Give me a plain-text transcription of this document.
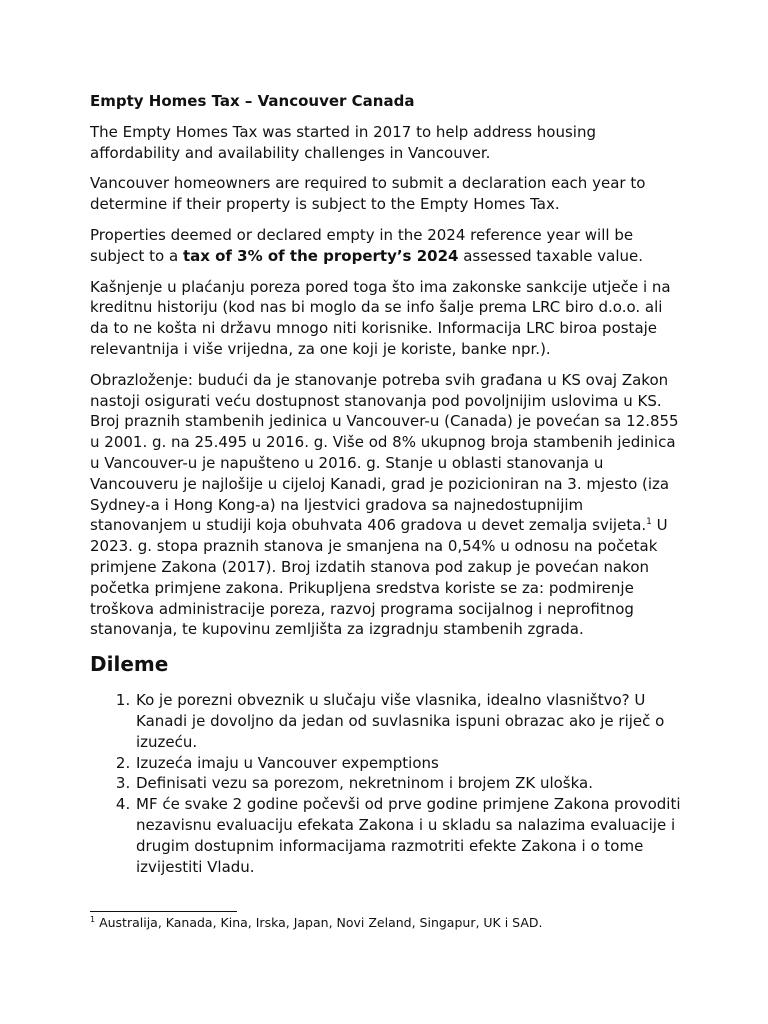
Empty Homes Tax – Vancouver Canada

The Empty Homes Tax was started in 2017 to help address housing affordability and availability challenges in Vancouver.

Vancouver homeowners are required to submit a declaration each year to determine if their property is subject to the Empty Homes Tax.

Properties deemed or declared empty in the 2024 reference year will be subject to a tax of 3% of the property’s 2024 assessed taxable value.

Kašnjenje u plaćanju poreza pored toga što ima zakonske sankcije utječe i na kreditnu historiju (kod nas bi moglo da se info šalje prema LRC biro d.o.o. ali da to ne košta ni državu mnogo niti korisnike. Informacija LRC biroa postaje relevantnija i više vrijedna, za one koji je koriste, banke npr.).

Obrazloženje: budući da je stanovanje potreba svih građana u KS ovaj Zakon nastoji osigurati veću dostupnost stanovanja pod povoljnijim uslovima u KS. Broj praznih stambenih jedinica u Vancouver-u (Canada) je povećan sa 12.855 u 2001. g. na 25.495 u 2016. g. Više od 8% ukupnog broja stambenih jedinica u Vancouver-u je napušteno u 2016. g. Stanje u oblasti stanovanja u Vancouveru je najlošije u cijeloj Kanadi, grad je pozicioniran na 3. mjesto (iza Sydney-a i Hong Kong-a) na ljestvici gradova sa najnedostupnijim stanovanjem u studiji koja obuhvata 406 gradova u devet zemalja svijeta.$^1$ U 2023. g. stopa praznih stanova je smanjena na 0,54% u odnosu na početak primjene Zakona (2017). Broj izdatih stanova pod zakup je povećan nakon početka primjene zakona. Prikupljena sredstva koriste se za: podmirenje troškova administracije poreza, razvoj programa socijalnog i neprofitnog stanovanja, te kupovinu zemljišta za izgradnju stambenih zgrada.

Dileme
1. Ko je porezni obveznik u slučaju više vlasnika, idealno vlasništvo? U Kanadi je dovoljno da jedan od suvlasnika ispuni obrazac ako je riječ o izuzeću.
2. Izuzeća imaju u Vancouver expemptions
3. Definisati vezu sa porezom, nekretninom i brojem ZK uloška.
4. MF će svake 2 godine počevši od prve godine primjene Zakona provoditi nezavisnu evaluaciju efekata Zakona i u skladu sa nalazima evaluacije i drugim dostupnim informacijama razmotriti efekte Zakona i o tome izvijestiti Vladu.
$^1$ Australija, Kanada, Kina, Irska, Japan, Novi Zeland, Singapur, UK i SAD.
